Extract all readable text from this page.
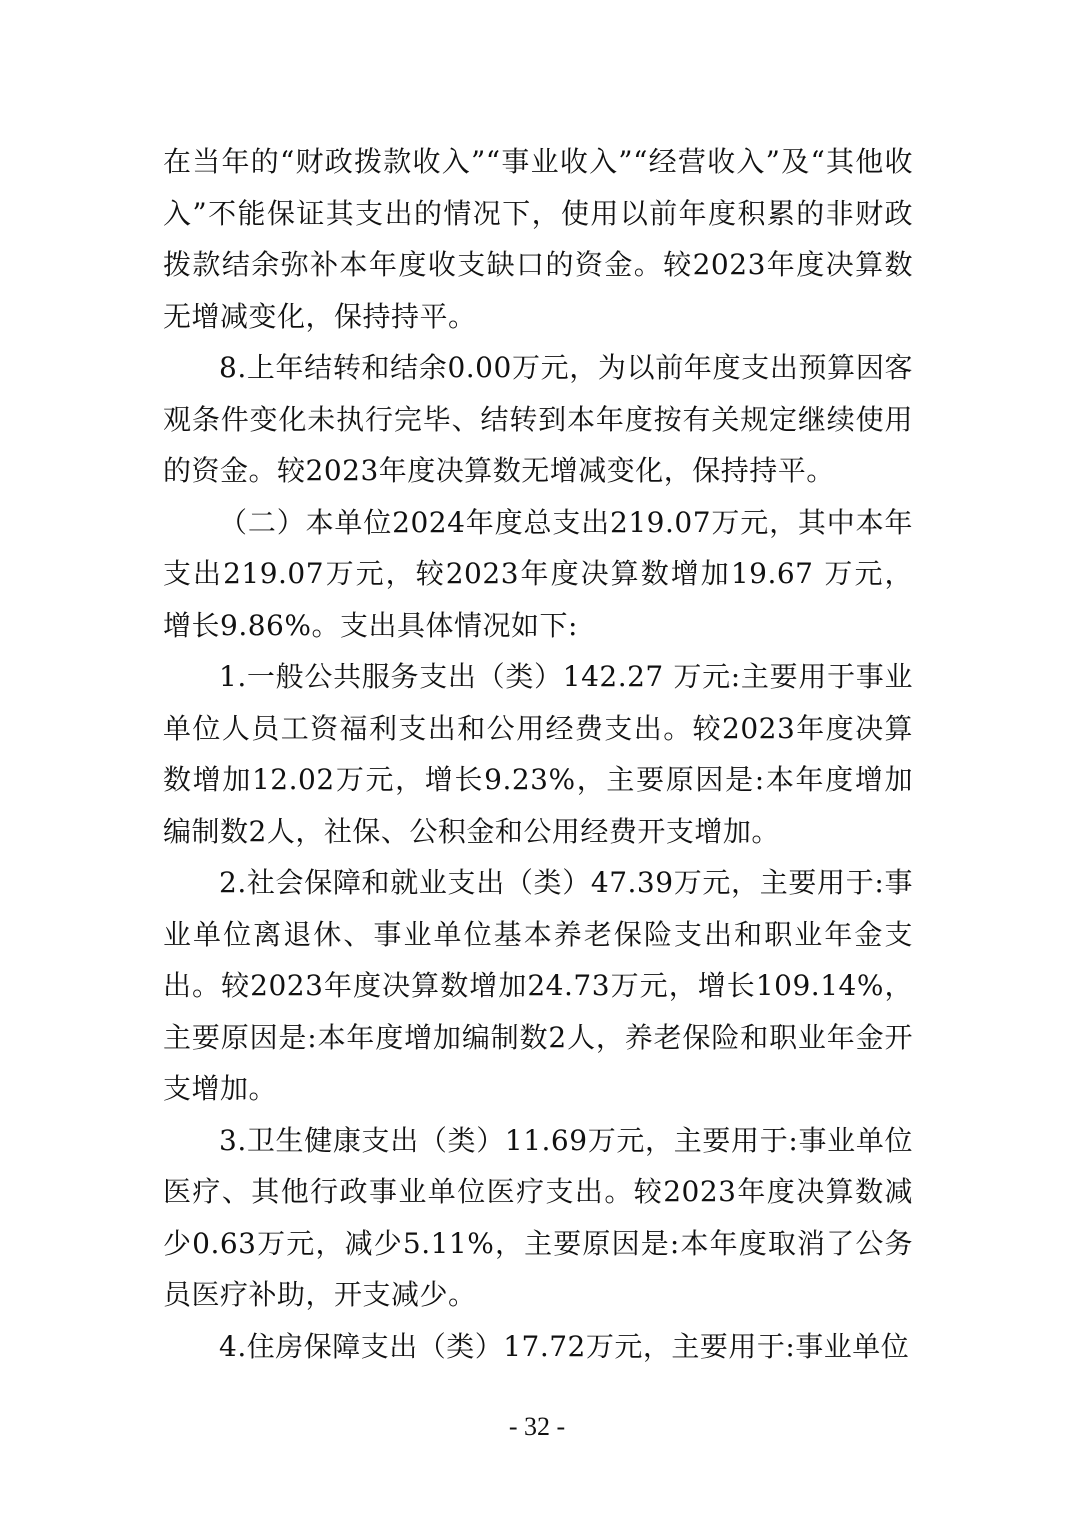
在当年的“财政拨款收入”“事业收入”“经营收入”及“其他收入”不能保证其支出的情况下，使用以前年度积累的非财政拨款结余弥补本年度收支缺口的资金。较2023年度决算数无增减变化，保持持平。

8.上年结转和结余0.00万元，为以前年度支出预算因客观条件变化未执行完毕、结转到本年度按有关规定继续使用的资金。较2023年度决算数无增减变化，保持持平。

（二）本单位2024年度总支出219.07万元，其中本年支出219.07万元，较2023年度决算数增加19.67 万元，增长9.86%。支出具体情况如下:

1.一般公共服务支出（类）142.27 万元:主要用于事业单位人员工资福利支出和公用经费支出。较2023年度决算数增加12.02万元，增长9.23%，主要原因是:本年度增加编制数2人，社保、公积金和公用经费开支增加。

2.社会保障和就业支出（类）47.39万元，主要用于:事业单位离退休、事业单位基本养老保险支出和职业年金支出。较2023年度决算数增加24.73万元，增长109.14%，主要原因是:本年度增加编制数2人，养老保险和职业年金开支增加。

3.卫生健康支出（类）11.69万元，主要用于:事业单位医疗、其他行政事业单位医疗支出。较2023年度决算数减少0.63万元，减少5.11%，主要原因是:本年度取消了公务员医疗补助，开支减少。

4.住房保障支出（类）17.72万元，主要用于:事业单位

- 32 -
